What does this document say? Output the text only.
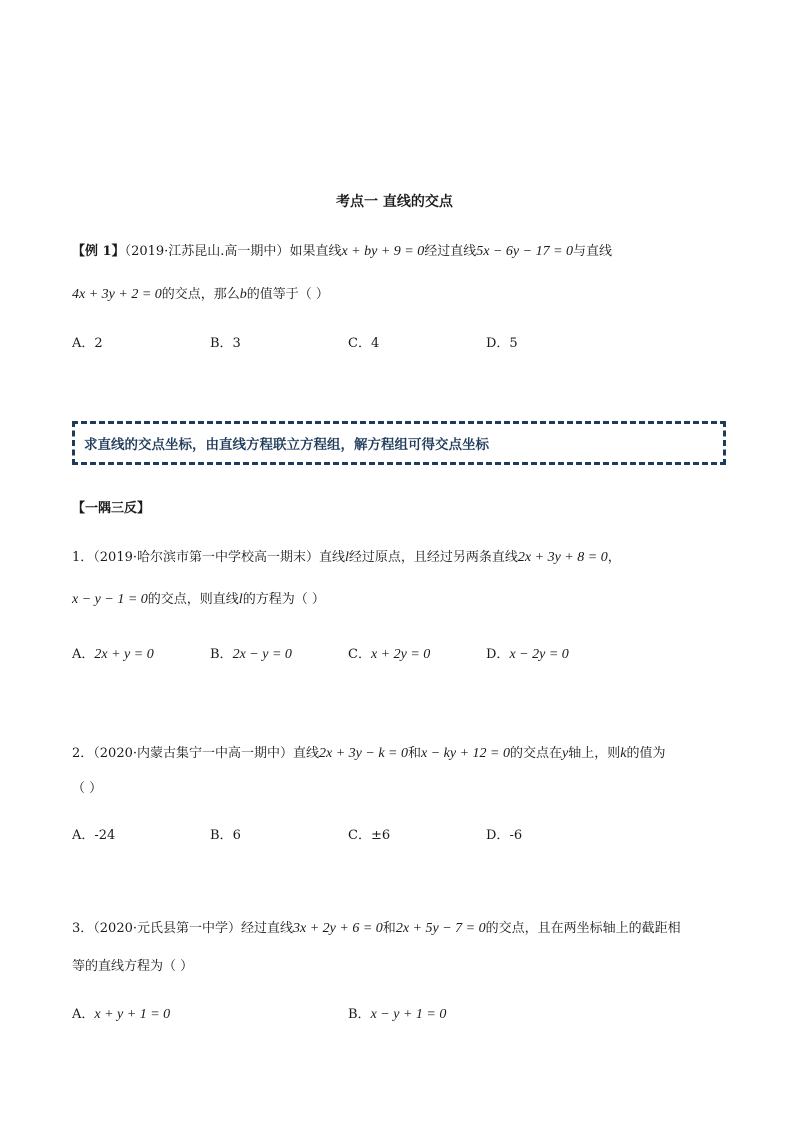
考点一 直线的交点
【例 1】（2019·江苏昆山.高一期中）如果直线x + by + 9 = 0经过直线5x − 6y − 17 = 0与直线
4x + 3y + 2 = 0的交点，那么b的值等于（ ）
A．2	B．3	C．4	D．5
求直线的交点坐标，由直线方程联立方程组，解方程组可得交点坐标
【一隅三反】
1．（2019·哈尔滨市第一中学校高一期末）直线l经过原点，且经过另两条直线2x + 3y + 8 = 0，
x − y − 1 = 0的交点，则直线l的方程为（ ）
A．2x + y = 0	B．2x − y = 0	C．x + 2y = 0	D．x − 2y = 0
2．（2020·内蒙古集宁一中高一期中）直线2x + 3y − k = 0和x − ky + 12 = 0的交点在y轴上，则k的值为
（ ）
A．-24	B．6	C．±6	D．-6
3．（2020·元氏县第一中学）经过直线3x + 2y + 6 = 0和2x + 5y − 7 = 0的交点，且在两坐标轴上的截距相
等的直线方程为（ ）
A．x + y + 1 = 0	B．x − y + 1 = 0
